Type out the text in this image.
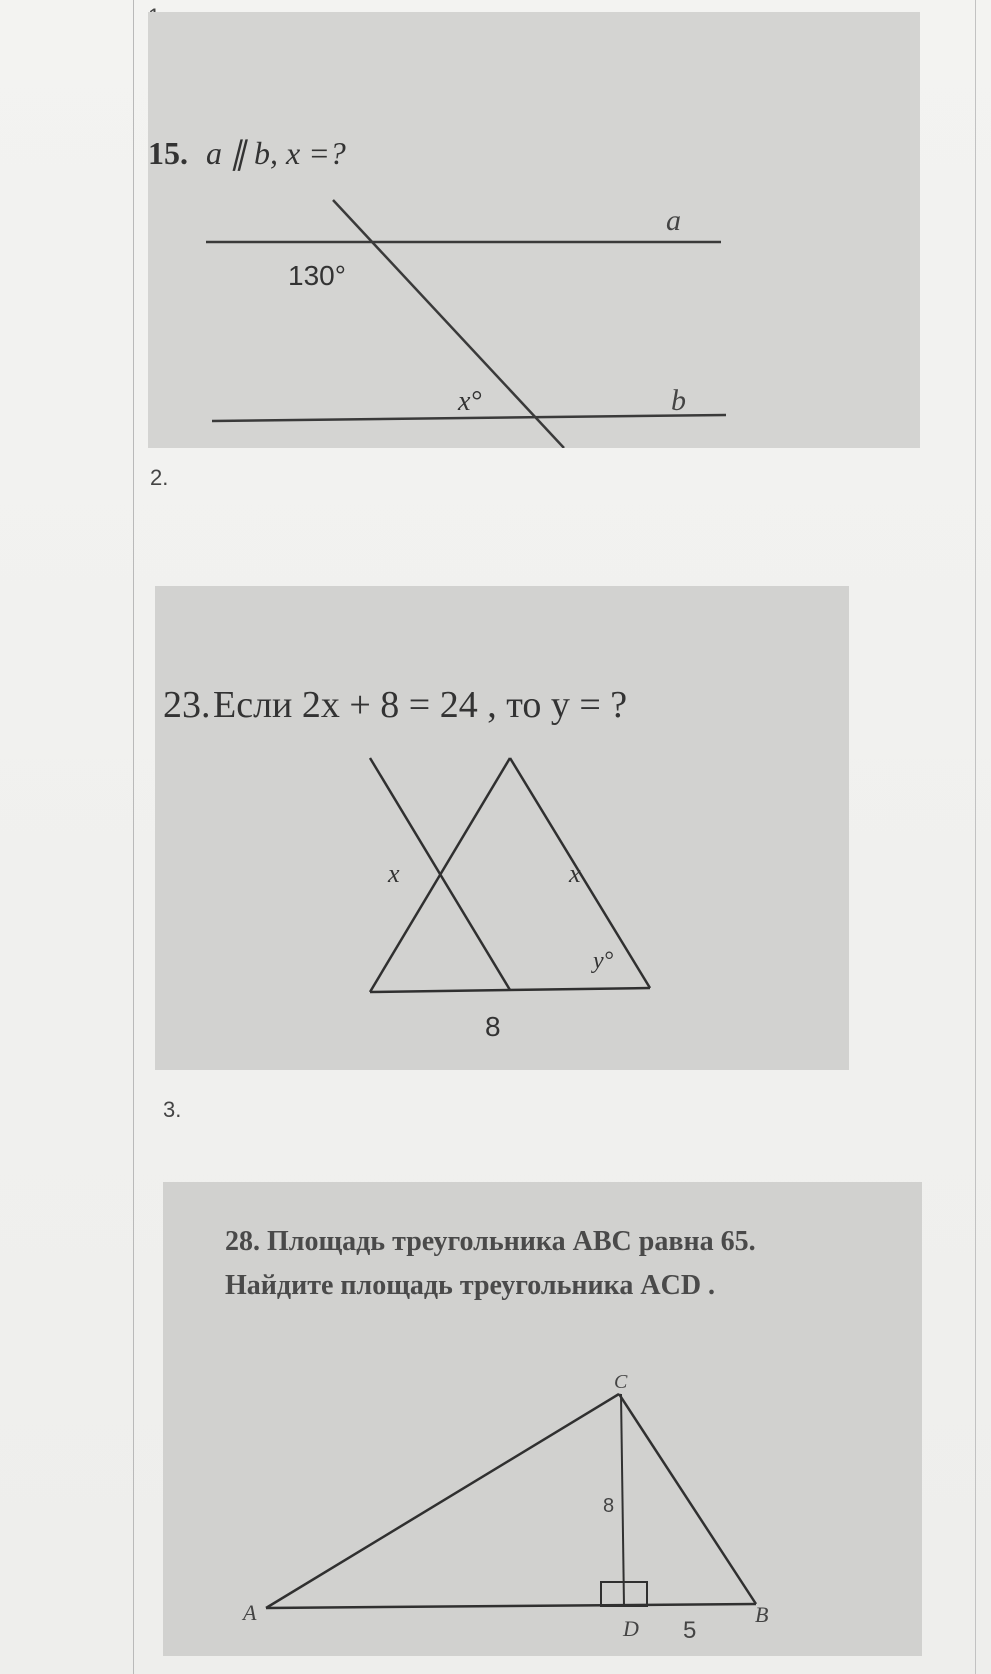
2.
3.
15. a ∥ b, x =?
a
b
130°
x°
23. Если 2x + 8 = 24 , то y = ?
x	x
8
y°
28. Площадь треугольника ABC равна 65.
Найдите площадь треугольника ACD .
A	B
C
D
8
5
